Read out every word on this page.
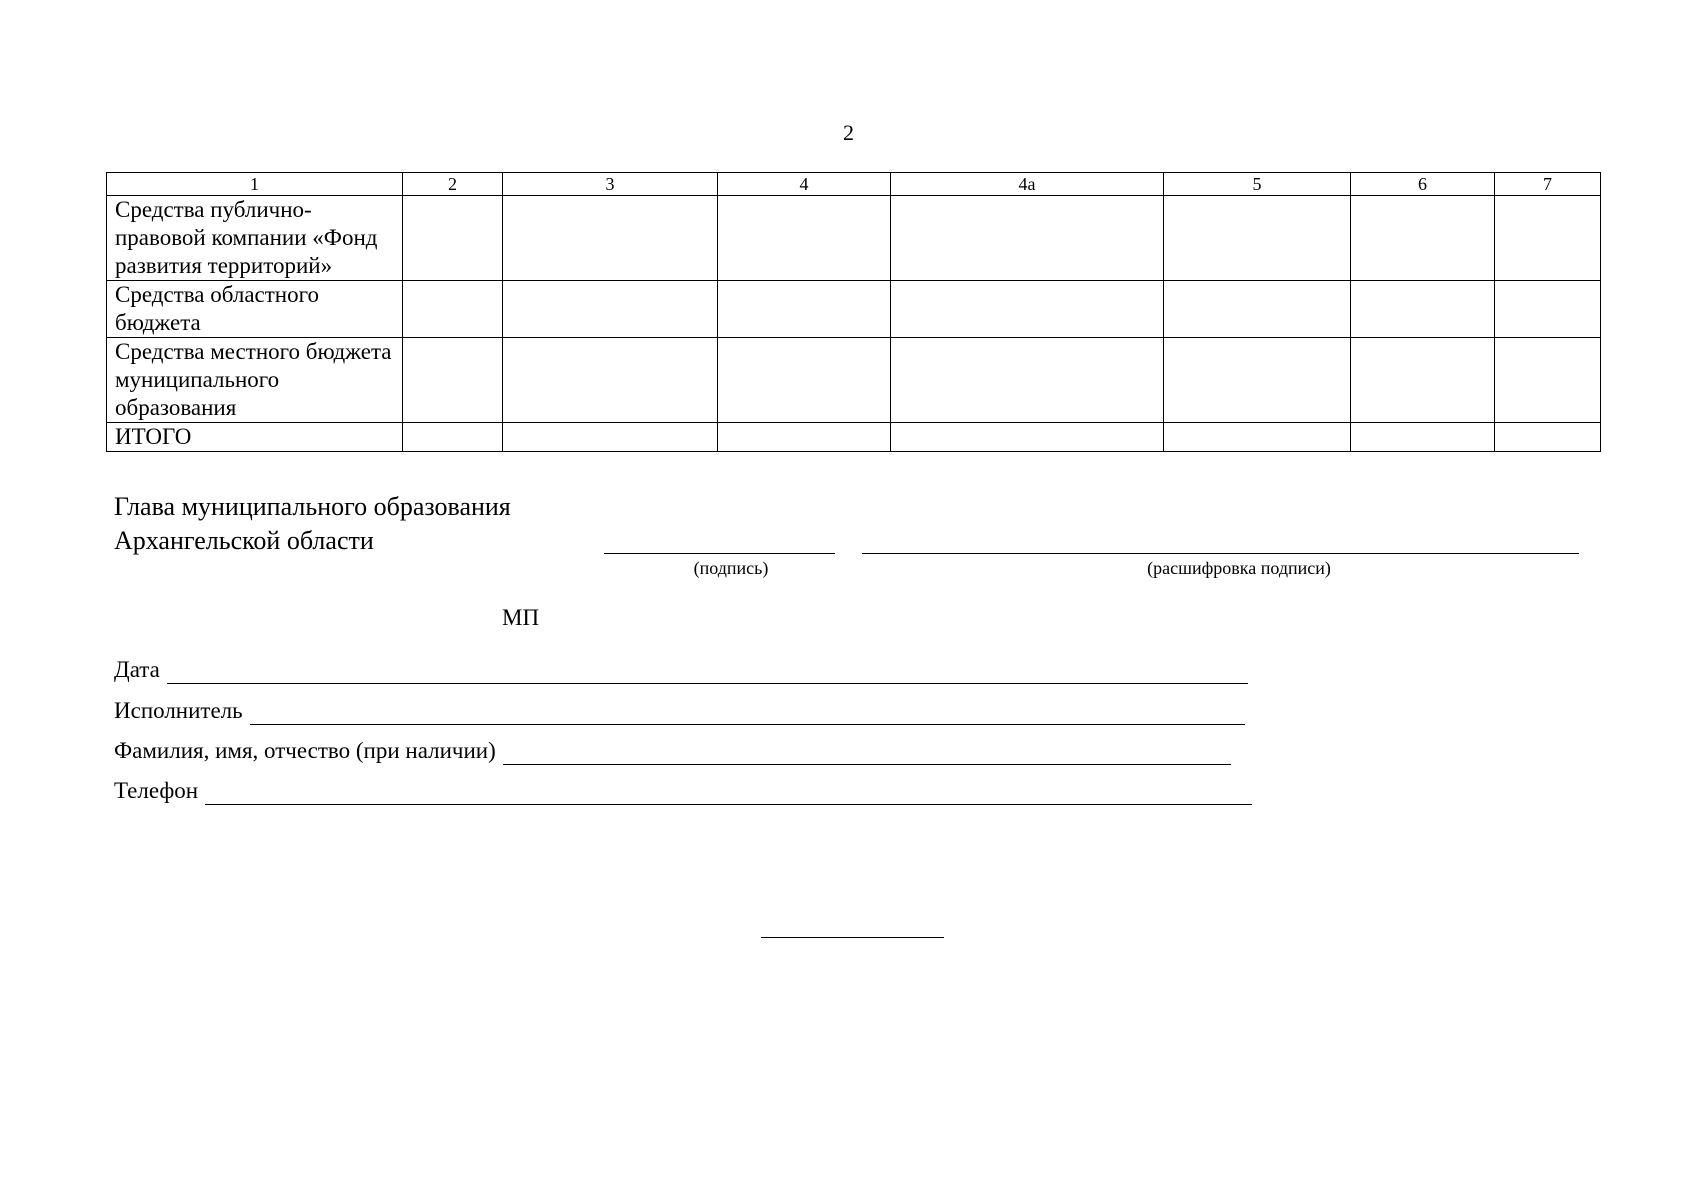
2
1	2	3	4	4а	5	6	7
Средства публично-правовой компании «Фонд развития территорий»							
Средства областного бюджета							
Средства местного бюджета муниципального образования							
ИТОГО							
Глава муниципального образования
Архангельской области
(подпись)	(расшифровка подписи)
МП
Дата
Исполнитель
Фамилия, имя, отчество (при наличии)
Телефон
